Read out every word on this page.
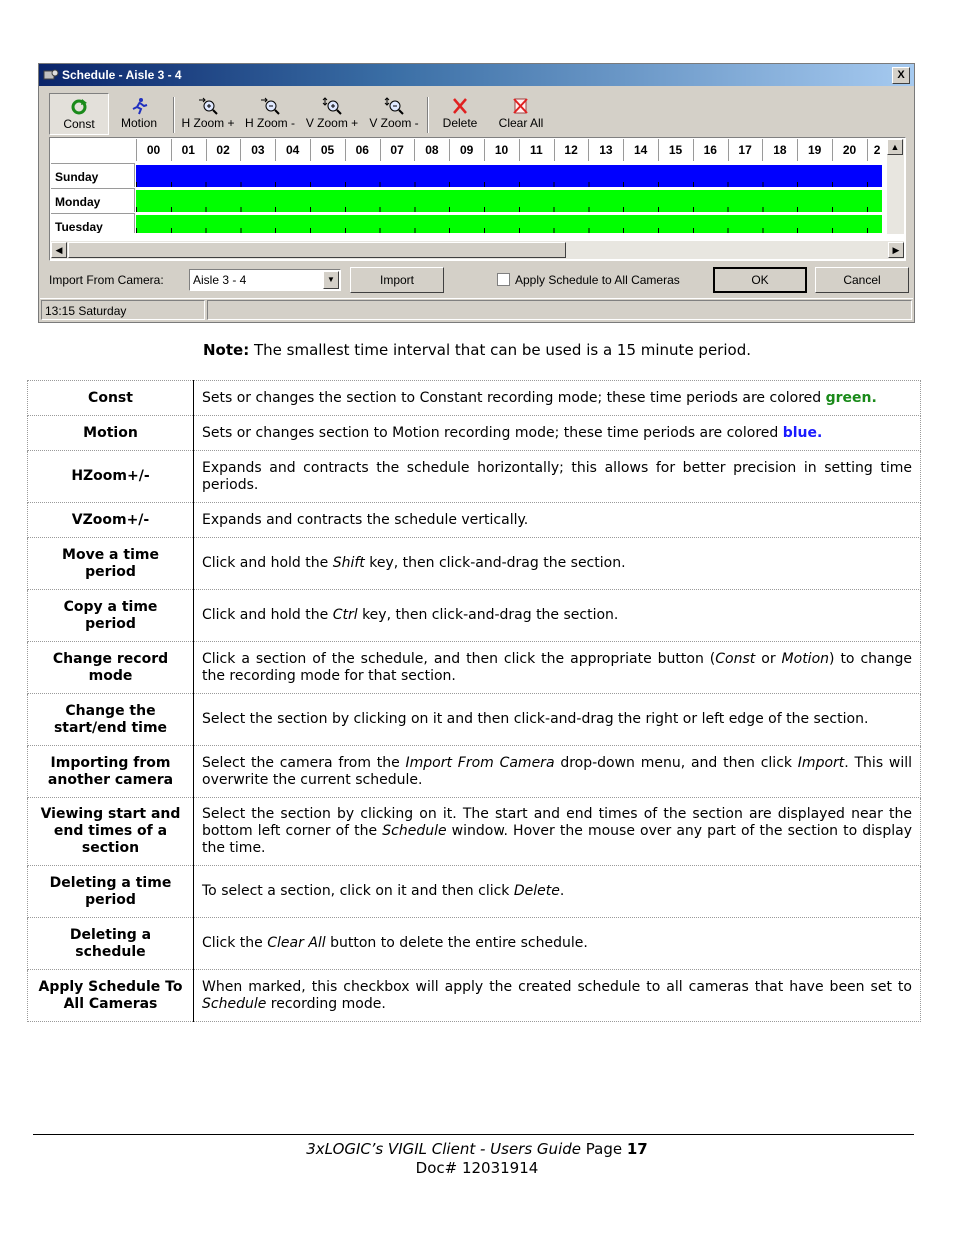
Schedule - Aisle 3 - 4	X
Const	Motion	H Zoom + H Zoom - V Zoom + V Zoom -	Delete	Clear All
00	01	02	03	04	05	06	07	08	09	10	11	12	13	14	15	16	17	18	19	20	2
Sunday
Monday
Tuesday
▲
◀	▶
Import From Camera:	Aisle 3 - 4	▼	Import	Apply Schedule to All Cameras	OK	Cancel
13:15 Saturday
Note: The smallest time interval that can be used is a 15 minute period.
Const	Sets or changes the section to Constant recording mode; these time periods are colored green.
Motion	Sets or changes section to Motion recording mode; these time periods are colored blue.
HZoom+/-	Expands and contracts the schedule horizontally; this allows for better precision in setting time periods.
VZoom+/-	Expands and contracts the schedule vertically.
Move a time period	Click and hold the Shift key, then click-and-drag the section.
Copy a time period	Click and hold the Ctrl key, then click-and-drag the section.
Change record mode	Click a section of the schedule, and then click the appropriate button (Const or Motion) to change the recording mode for that section.
Change the start/end time	Select the section by clicking on it and then click-and-drag the right or left edge of the section.
Importing from another camera	Select the camera from the Import From Camera drop-down menu, and then click Import. This will overwrite the current schedule.
Viewing start and end times of a section	Select the section by clicking on it. The start and end times of the section are displayed near the bottom left corner of the Schedule window. Hover the mouse over any part of the section to display the time.
Deleting a time period	To select a section, click on it and then click Delete.
Deleting a schedule	Click the Clear All button to delete the entire schedule.
Apply Schedule To All Cameras	When marked, this checkbox will apply the created schedule to all cameras that have been set to Schedule recording mode.
3xLOGIC’s VIGIL Client - Users Guide Page 17
Doc# 12031914
